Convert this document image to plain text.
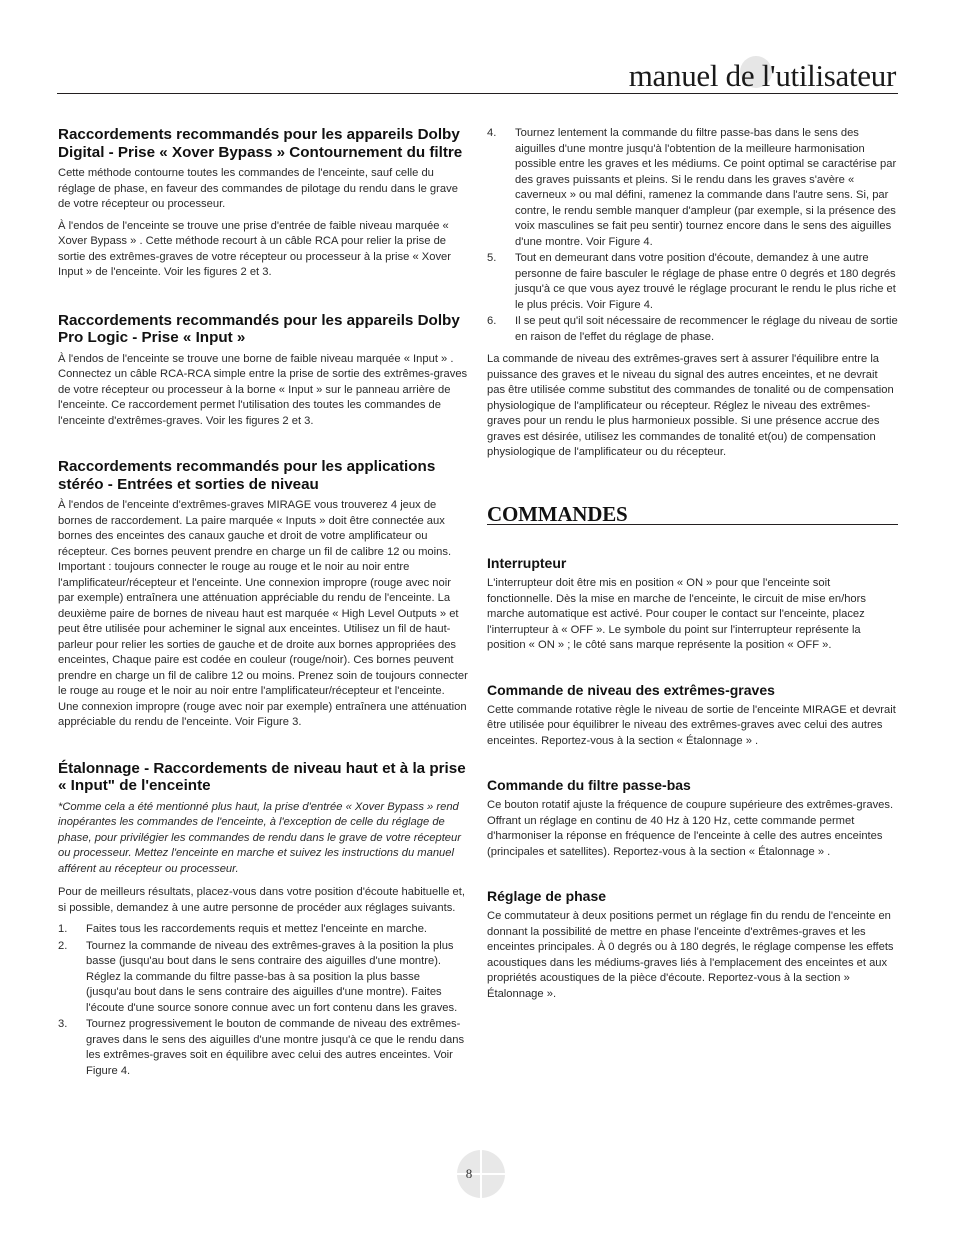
manuel de l'utilisateur
Raccordements recommandés pour les appareils Dolby Digital - Prise « Xover Bypass » Contournement du filtre

Cette méthode contourne toutes les commandes de l'enceinte, sauf celle du réglage de phase, en faveur des commandes de pilotage du rendu dans le grave de votre récepteur ou processeur.

À l'endos de l'enceinte se trouve une prise d'entrée de faible niveau marquée « Xover Bypass » . Cette méthode recourt à un câble RCA pour relier la prise de sortie des extrêmes-graves de votre récepteur ou processeur à la prise « Xover Input » de l'enceinte. Voir les figures 2 et 3.

Raccordements recommandés pour les appareils Dolby Pro Logic - Prise « Input »

À l'endos de l'enceinte se trouve une borne de faible niveau marquée « Input » . Connectez un câble RCA-RCA simple entre la prise de sortie des extrêmes-graves de votre récepteur ou processeur à la borne « Input » sur le panneau arrière de l'enceinte. Ce raccordement permet l'utilisation des toutes les commandes de l'enceinte d'extrêmes-graves. Voir les figures 2 et 3.

Raccordements recommandés pour les applications stéréo - Entrées et sorties de niveau

À l'endos de l'enceinte d'extrêmes-graves MIRAGE vous trouverez 4 jeux de bornes de raccordement. La paire marquée « Inputs » doit être connectée aux bornes des enceintes des canaux gauche et droit de votre amplificateur ou récepteur. Ces bornes peuvent prendre en charge un fil de calibre 12 ou moins. Important : toujours connecter le rouge au rouge et le noir au noir entre l'amplificateur/récepteur et l'enceinte. Une connexion impropre (rouge avec noir par exemple) entraînera une atténuation appréciable du rendu de l'enceinte. La deuxième paire de bornes de niveau haut est marquée « High Level Outputs » et peut être utilisée pour acheminer le signal aux enceintes. Utilisez un fil de haut-parleur pour relier les sorties de gauche et de droite aux bornes appropriées des enceintes, Chaque paire est codée en couleur (rouge/noir). Ces bornes peuvent prendre en charge un fil de calibre 12 ou moins. Prenez soin de toujours connecter le rouge au rouge et le noir au noir entre l'amplificateur/récepteur et l'enceinte. Une connexion impropre (rouge avec noir par exemple) entraînera une atténuation appréciable du rendu de l'enceinte. Voir Figure 3.

Étalonnage - Raccordements de niveau haut et à la prise « Input" de l'enceinte

*Comme cela a été mentionné plus haut, la prise d'entrée « Xover Bypass » rend inopérantes les commandes de l'enceinte, à l'exception de celle du réglage de phase, pour privilégier les commandes de rendu dans le grave de votre récepteur ou processeur. Mettez l'enceinte en marche et suivez les instructions du manuel afférent au récepteur ou processeur.

Pour de meilleurs résultats, placez-vous dans votre position d'écoute habituelle et, si possible, demandez à une autre personne de procéder aux réglages suivants.

1. Faites tous les raccordements requis et mettez l'enceinte en marche.
2. Tournez la commande de niveau des extrêmes-graves à la position la plus basse (jusqu'au bout dans le sens contraire des aiguilles d'une montre). Réglez la commande du filtre passe-bas à sa position la plus basse (jusqu'au bout dans le sens contraire des aiguilles d'une montre). Faites l'écoute d'une source sonore connue avec un fort contenu dans les graves.
3. Tournez progressivement le bouton de commande de niveau des extrêmes-graves dans le sens des aiguilles d'une montre jusqu'à ce que le rendu dans les extrêmes-graves soit en équilibre avec celui des autres enceintes. Voir Figure 4.
4. Tournez lentement la commande du filtre passe-bas dans le sens des aiguilles d'une montre jusqu'à l'obtention de la meilleure harmonisation possible entre les graves et les médiums. Ce point optimal se caractérise par des graves puissants et pleins. Si le rendu dans les graves s'avère « caverneux » ou mal défini, ramenez la commande dans l'autre sens. Si, par contre, le rendu semble manquer d'ampleur (par exemple, si la présence des voix masculines se fait peu sentir) tournez encore dans le sens des aiguilles d'une montre. Voir Figure 4.
5. Tout en demeurant dans votre position d'écoute, demandez à une autre personne de faire basculer le réglage de phase entre 0 degrés et 180 degrés jusqu'à ce que vous ayez trouvé le réglage procurant le rendu le plus riche et le plus précis. Voir Figure 4.
6. Il se peut qu'il soit nécessaire de recommencer le réglage du niveau de sortie en raison de l'effet du réglage de phase.

La commande de niveau des extrêmes-graves sert à assurer l'équilibre entre la puissance des graves et le niveau du signal des autres enceintes, et ne devrait pas être utilisée comme substitut des commandes de tonalité ou de compensation physiologique de l'amplificateur ou récepteur. Réglez le niveau des extrêmes-graves pour un rendu le plus harmonieux possible. Si une présence accrue des graves est désirée, utilisez les commandes de tonalité et(ou) de compensation physiologique de l'amplificateur ou du récepteur.

COMMANDES
Interrupteur

L'interrupteur doit être mis en position « ON » pour que l'enceinte soit fonctionnelle. Dès la mise en marche de l'enceinte, le circuit de mise en/hors marche automatique est activé. Pour couper le contact sur l'enceinte, placez l'interrupteur à « OFF ». Le symbole du point sur l'interrupteur représente la position « ON » ; le côté sans marque représente la position « OFF ».

Commande de niveau des extrêmes-graves

Cette commande rotative règle le niveau de sortie de l'enceinte MIRAGE et devrait être utilisée pour équilibrer le niveau des extrêmes-graves avec celui des autres enceintes. Reportez-vous à la section « Étalonnage » .

Commande du filtre passe-bas

Ce bouton rotatif ajuste la fréquence de coupure supérieure des extrêmes-graves. Offrant un réglage en continu de 40 Hz à 120 Hz, cette commande permet d'harmoniser la réponse en fréquence de l'enceinte à celle des autres enceintes (principales et satellites). Reportez-vous à la section « Étalonnage » .

Réglage de phase

Ce commutateur à deux positions permet un réglage fin du rendu de l'enceinte en donnant la possibilité de mettre en phase l'enceinte d'extrêmes-graves et les enceintes principales. À 0 degrés ou à 180 degrés, le réglage compense les effets acoustiques dans les médiums-graves liés à l'emplacement des enceintes et aux propriétés acoustiques de la pièce d'écoute. Reportez-vous à la section » Étalonnage ».

8
